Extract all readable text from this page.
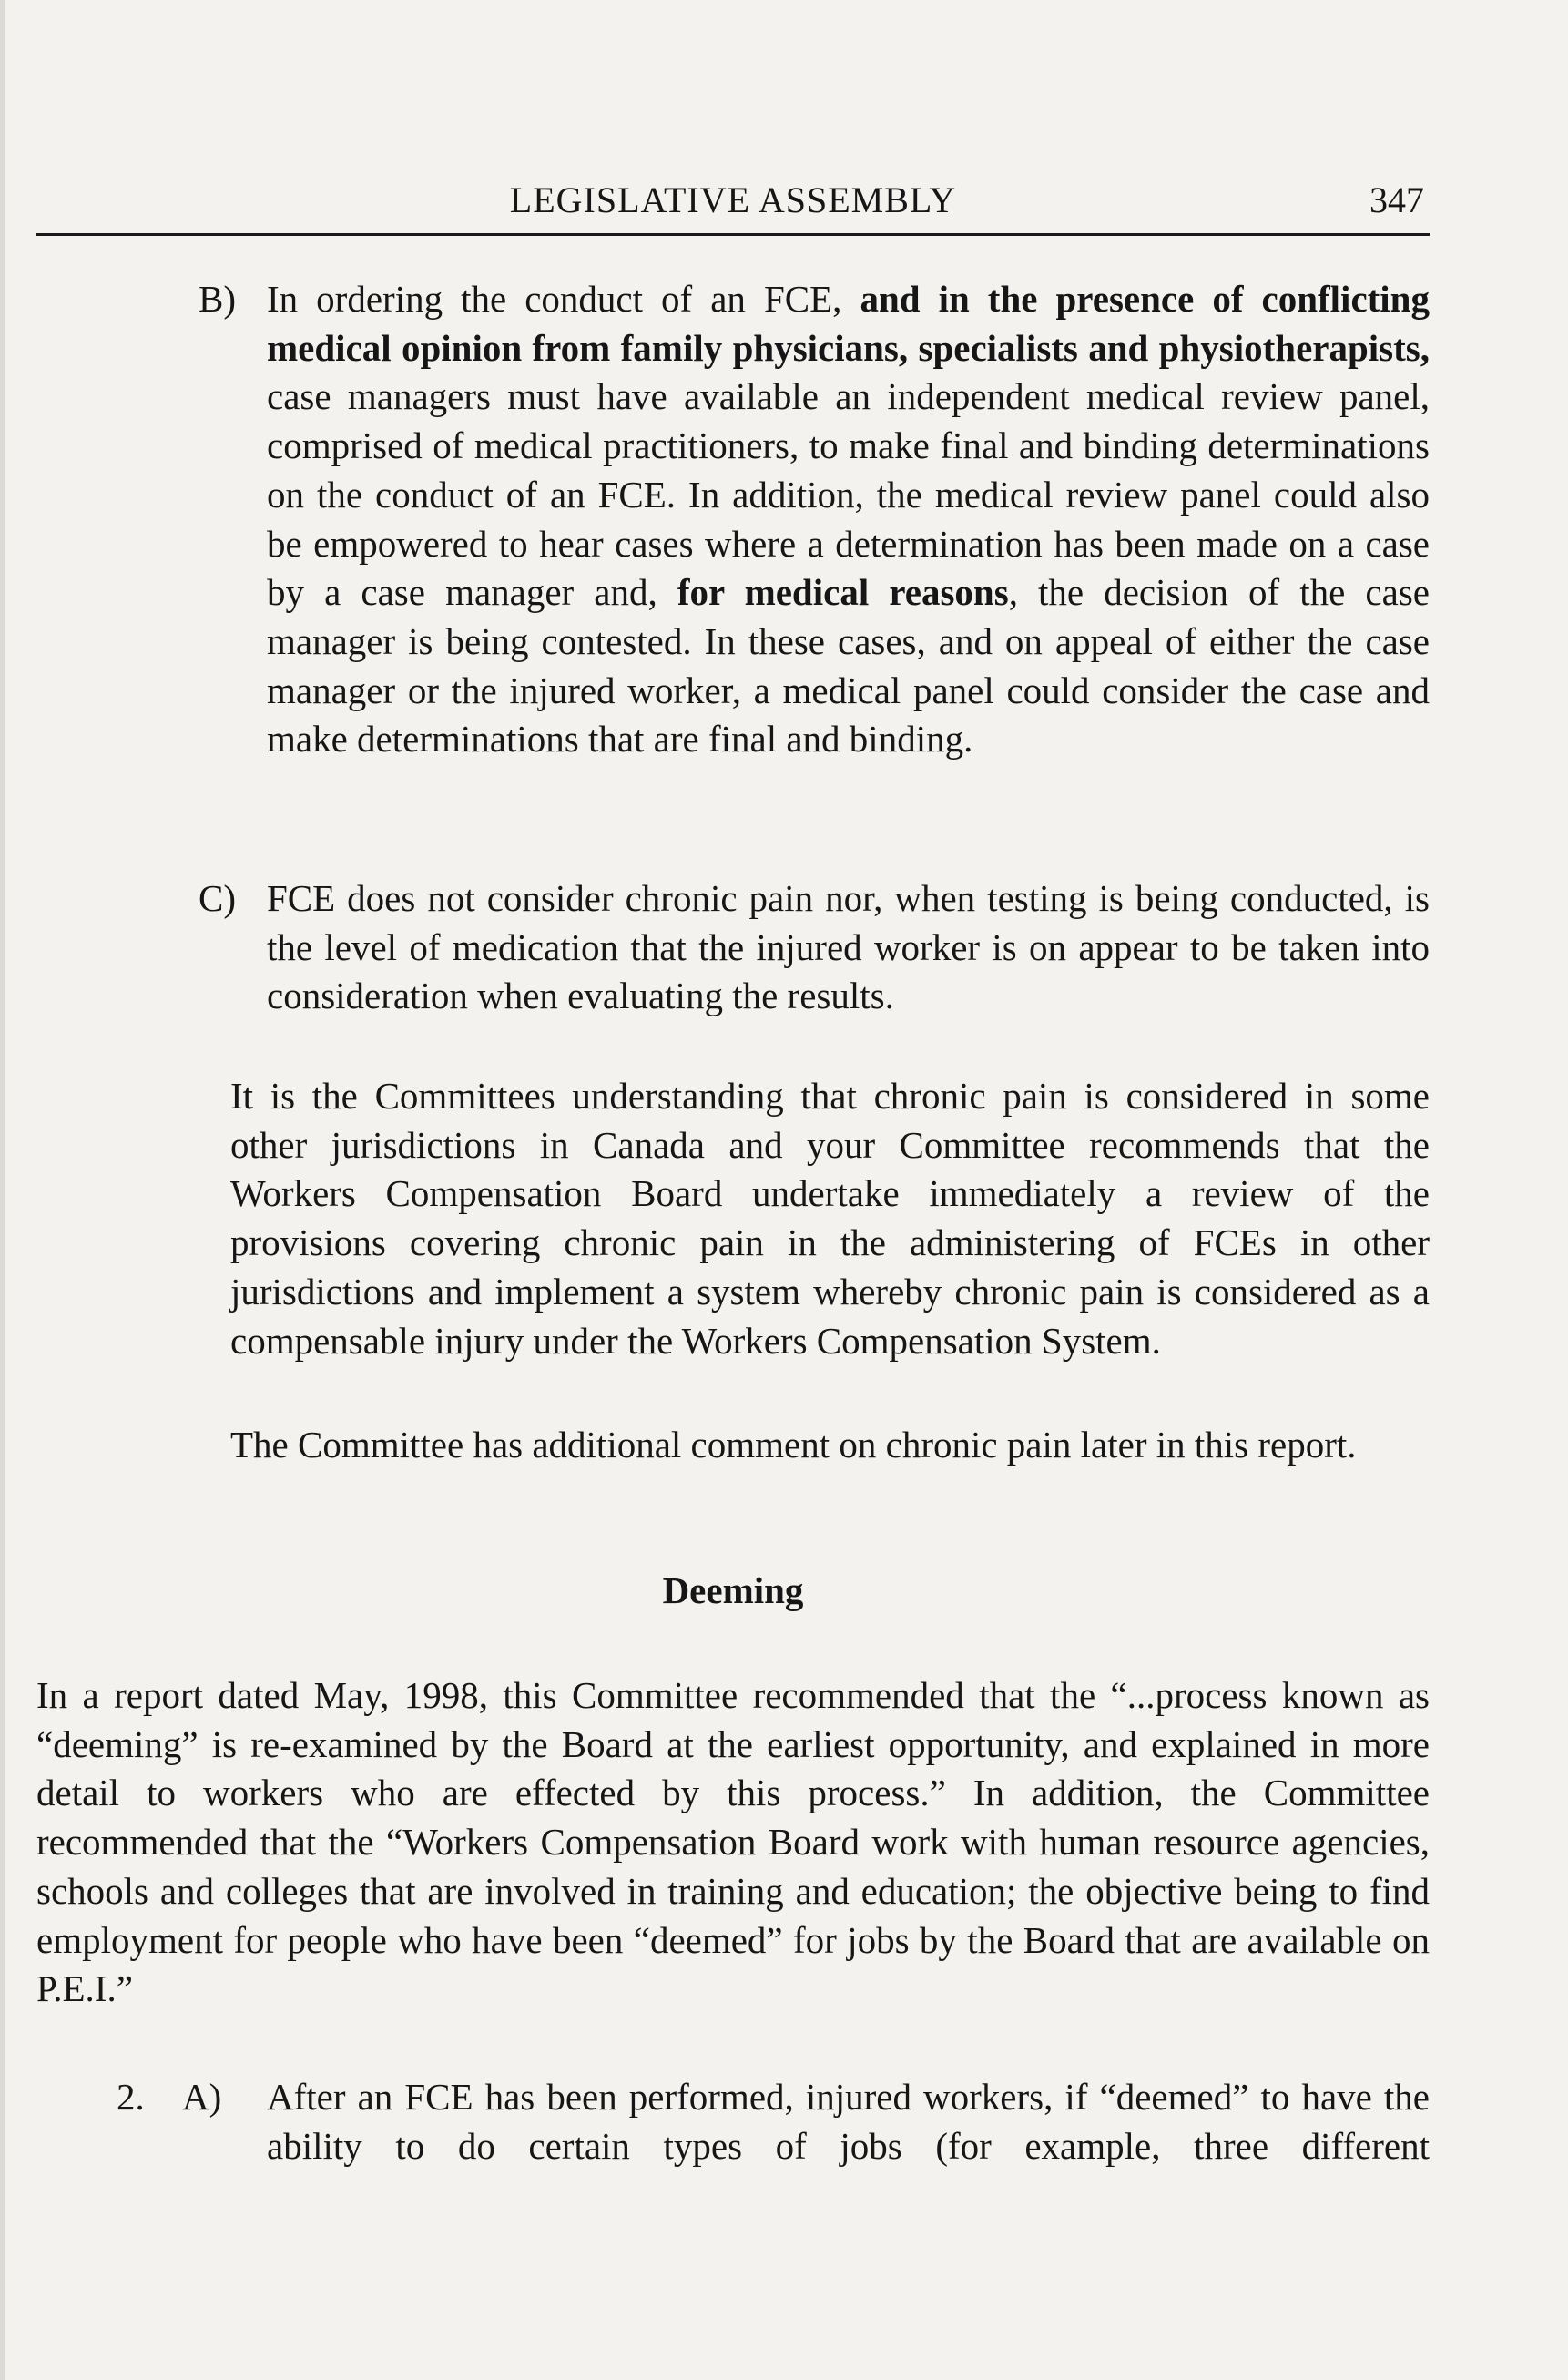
LEGISLATIVE ASSEMBLY	347
B) In ordering the conduct of an FCE, and in the presence of conflicting medical opinion from family physicians, specialists and physiotherapists, case managers must have available an independent medical review panel, comprised of medical practitioners, to make final and binding determinations on the conduct of an FCE. In addition, the medical review panel could also be empowered to hear cases where a determination has been made on a case by a case manager and, for medical reasons, the decision of the case manager is being contested. In these cases, and on appeal of either the case manager or the injured worker, a medical panel could consider the case and make determinations that are final and binding.
C) FCE does not consider chronic pain nor, when testing is being conducted, is the level of medication that the injured worker is on appear to be taken into consideration when evaluating the results.
It is the Committees understanding that chronic pain is considered in some other jurisdictions in Canada and your Committee recommends that the Workers Compensation Board undertake immediately a review of the provisions covering chronic pain in the administering of FCEs in other jurisdictions and implement a system whereby chronic pain is considered as a compensable injury under the Workers Compensation System.
The Committee has additional comment on chronic pain later in this report.
Deeming
In a report dated May, 1998, this Committee recommended that the “...process known as “deeming” is re-examined by the Board at the earliest opportunity, and explained in more detail to workers who are effected by this process.” In addition, the Committee recommended that the “Workers Compensation Board work with human resource agencies, schools and colleges that are involved in training and education; the objective being to find employment for people who have been “deemed” for jobs by the Board that are available on P.E.I.”
2. A) After an FCE has been performed, injured workers, if “deemed” to have the ability to do certain types of jobs (for example, three different
